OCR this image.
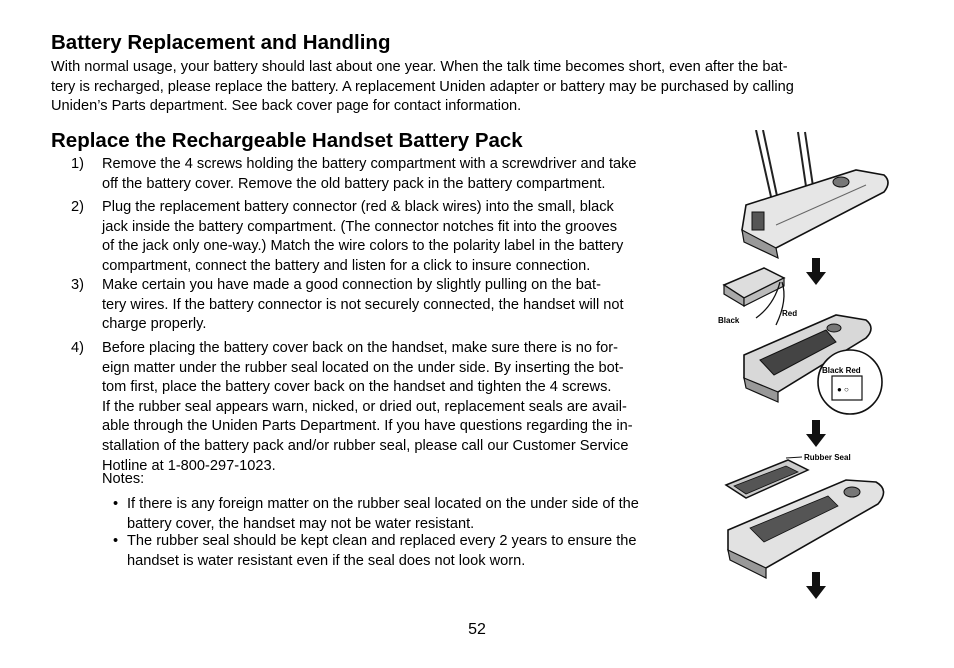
Battery Replacement and Handling

With normal usage, your battery should last about one year. When the talk time becomes short, even after the bat-
tery is recharged, please replace the battery. A replacement Uniden adapter or battery may be purchased by calling
Uniden’s Parts department. See back cover page for contact information.

Replace the Rechargeable Handset Battery Pack
1) Remove the 4 screws holding the battery compartment with a screwdriver and take
off the battery cover. Remove the old battery pack in the battery compartment.

2) Plug the replacement battery connector (red & black wires) into the small, black
jack inside the battery compartment. (The connector notches fit into the grooves
of the jack only one-way.) Match the wire colors to the polarity label in the battery
compartment, connect the battery and listen for a click to insure connection.

3) Make certain you have made a good connection by slightly pulling on the bat-
tery wires. If the battery connector is not securely connected, the handset will not
charge properly.

4) Before placing the battery cover back on the handset, make sure there is no for-
eign matter under the rubber seal located on the under side. By inserting the bot-
tom first, place the battery cover back on the handset and tighten the 4 screws.
If the rubber seal appears warn, nicked, or dried out, replacement seals are avail-
able through the Uniden Parts Department. If you have questions regarding the in-
stallation of the battery pack and/or rubber seal, please call our Customer Service
Hotline at 1-800-297-1023.

Notes:

• If there is any foreign matter on the rubber seal located on the under side of the
battery cover, the handset may not be water resistant.

• The rubber seal should be kept clean and replaced every 2 years to ensure the
handset is water resistant even if the seal does not look worn.

Black
Red
Black Red
● ○
Rubber Seal
52
